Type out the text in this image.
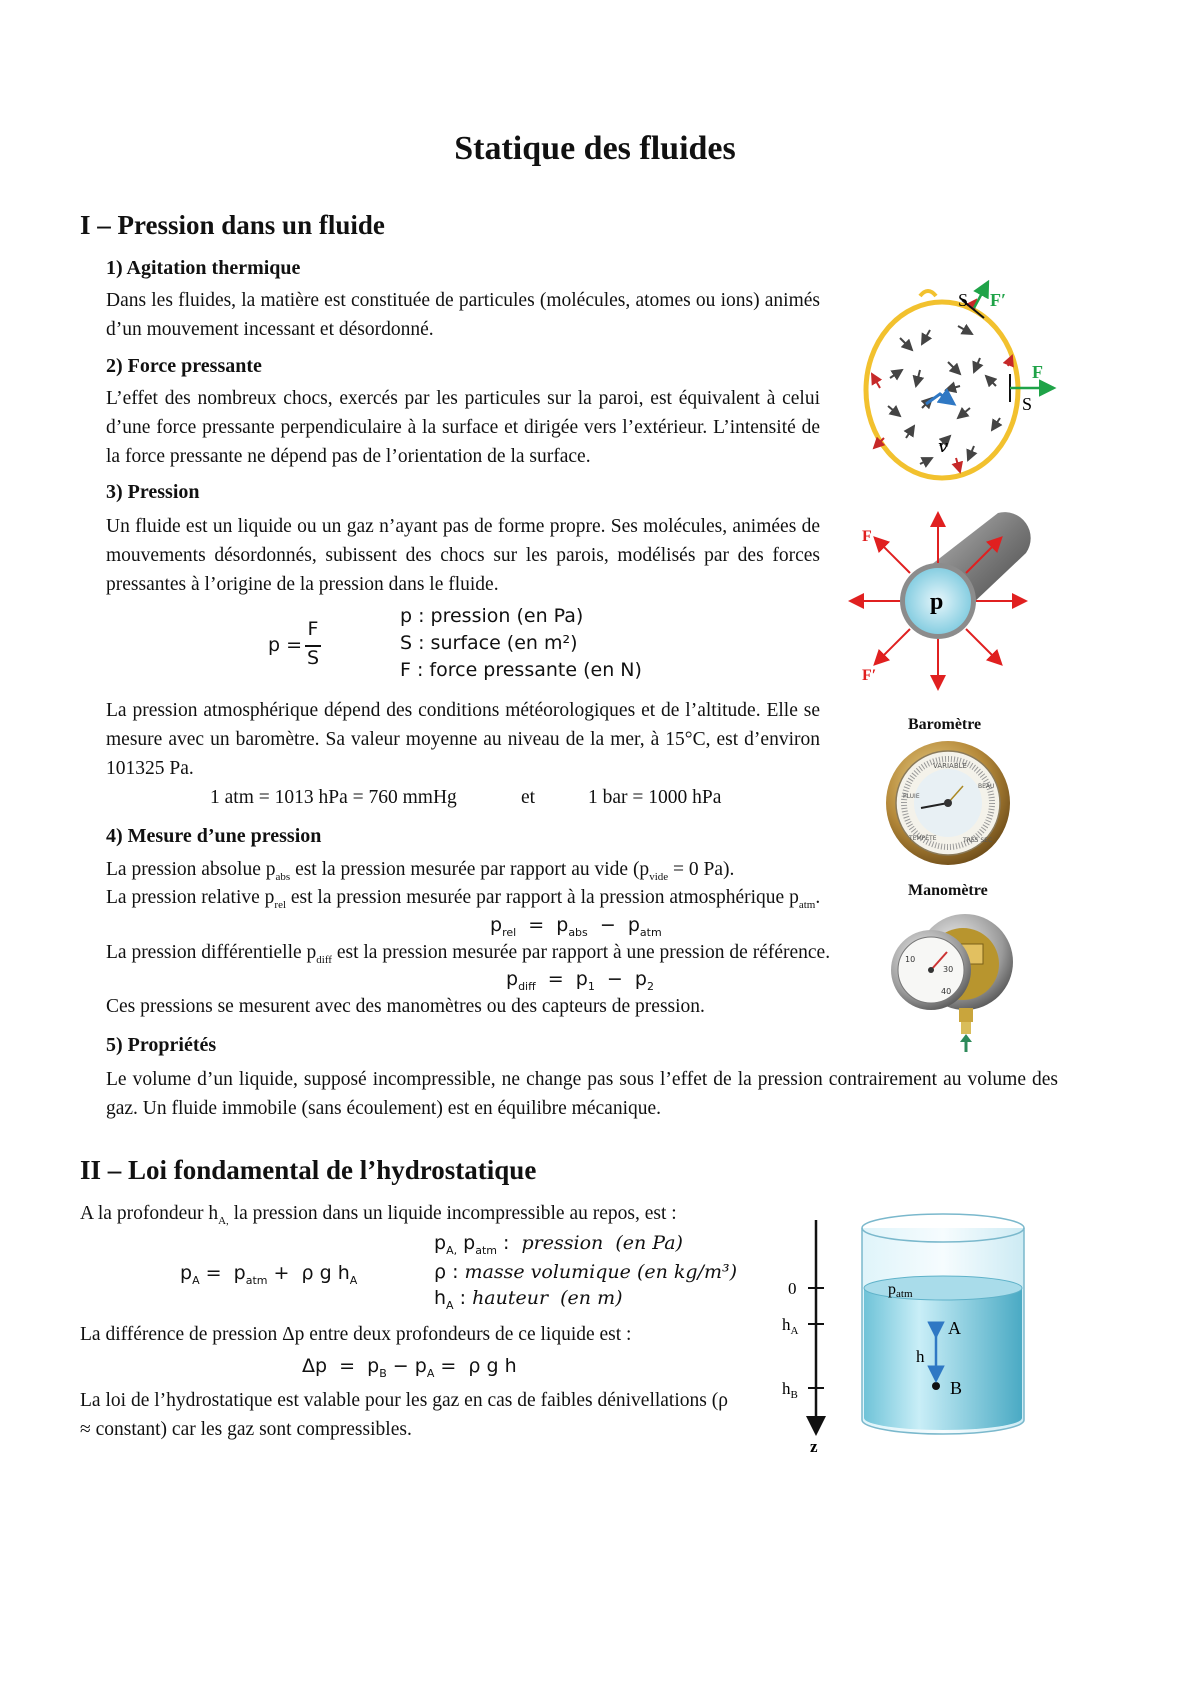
Statique des fluides
I – Pression dans un fluide
1) Agitation thermique
Dans les fluides, la matière est constituée de particules (molécules, atomes ou ions) animés d’un mouvement incessant et désordonné.
2) Force pressante
L’effet des nombreux chocs, exercés par les particules sur la paroi, est équivalent à celui d’une force pressante perpendiculaire à la surface et dirigée vers l’extérieur. L’intensité de la force pressante ne dépend pas de l’orientation de la surface.
3) Pression
Un fluide est un liquide ou un gaz n’ayant pas de forme propre. Ses molécules, animées de mouvements désordonnés, subissent des chocs sur les parois, modélisés par des forces pressantes à l’origine de la pression dans le fluide.
p =
F
S
p : pression (en Pa)
S : surface (en m²)
F : force pressante (en N)
La pression atmosphérique dépend des conditions météorologiques et de l’altitude. Elle se mesure avec un baromètre. Sa valeur moyenne au niveau de la mer, à 15°C, est d’environ 101325 Pa.
1 atm = 1013 hPa = 760 mmHg	et	1 bar = 1000 hPa
4) Mesure d’une pression
La pression absolue $p_{abs}$ est la pression mesurée par rapport au vide ($p_{vide} = 0$ Pa).
La pression relative $p_{rel}$ est la pression mesurée par rapport à la pression atmosphérique $p_{atm}$.
$p_{rel} = p_{abs} - p_{atm}$
La pression différentielle $p_{diff}$ est la pression mesurée par rapport à une pression de référence.
$p_{diff} = p_1 - p_2$
Ces pressions se mesurent avec des manomètres ou des capteurs de pression.
5) Propriétés
Le volume d’un liquide, supposé incompressible, ne change pas sous l’effet de la pression contrairement au volume des gaz. Un fluide immobile (sans écoulement) est en équilibre mécanique.
II – Loi fondamental de l’hydrostatique
A la profondeur $h_{A,}$ la pression dans un liquide incompressible au repos, est :
$p_A = p_{atm} + \rho$ g $h_A$
$p_{A,}$ $p_{atm}$ :  pression  (en Pa)
ρ : masse volumique (en kg/m³)
$h_A$ : hauteur  (en m)
La différence de pression Δp entre deux profondeurs de ce liquide est :
$\Delta p = p_B - p_A = \rho$ g h
La loi de l’hydrostatique est valable pour les gaz en cas de faibles dénivellations (ρ ≈ constant) car les gaz sont compressibles.
S F′
F
S
v
F
F′
p
Baromètre
VARIABLE
PLUIE
BEAU
TEMPÊTE	TRÈS SEC
Manomètre
10
30
40
0
$h_A$
$h_B$
z
patm
A
B
h
